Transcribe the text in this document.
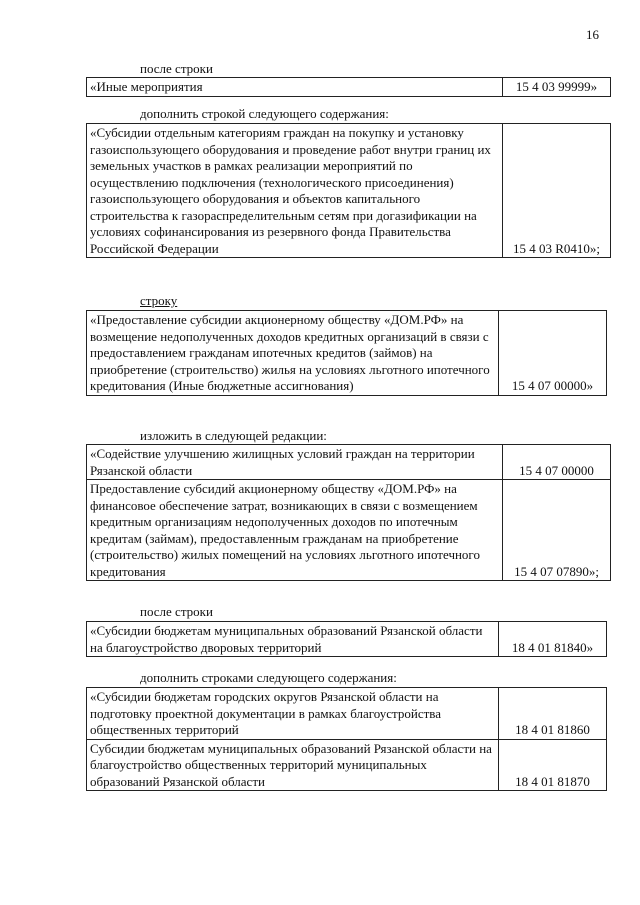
16
после строки
«Иные мероприятия	15 4 03 99999»
дополнить строкой следующего содержания:
«Субсидии отдельным категориям граждан на покупку и установку газоиспользующего оборудования и проведение работ внутри границ их земельных участков в рамках реализации мероприятий по осуществлению подключения (технологического присоединения) газоиспользующего оборудования и объектов капитального строительства к газораспределительным сетям при догазификации на условиях софинансирования из резервного фонда Правительства Российской Федерации	15 4 03 R0410»;
строку
«Предоставление субсидии акционерному обществу «ДОМ.РФ» на возмещение недополученных доходов кредитных организаций в связи с предоставлением гражданам ипотечных кредитов (займов) на приобретение (строительство) жилья на условиях льготного ипотечного кредитования (Иные бюджетные ассигнования)	15 4 07 00000»
изложить в следующей редакции:
«Содействие улучшению жилищных условий граждан на территории Рязанской области	15 4 07 00000
Предоставление субсидий акционерному обществу «ДОМ.РФ» на финансовое обеспечение затрат, возникающих в связи с возмещением кредитным организациям недополученных доходов по ипотечным кредитам (займам), предоставленным гражданам на приобретение (строительство) жилых помещений на условиях льготного ипотечного кредитования	15 4 07 07890»;
после строки
«Субсидии бюджетам муниципальных образований Рязанской области на благоустройство дворовых территорий	18 4 01 81840»
дополнить строками следующего содержания:
«Субсидии бюджетам городских округов Рязанской области на подготовку проектной документации в рамках благоустройства общественных территорий	18 4 01 81860
Субсидии бюджетам муниципальных образований Рязанской области на благоустройство общественных территорий муниципальных образований Рязанской области	18 4 01 81870
